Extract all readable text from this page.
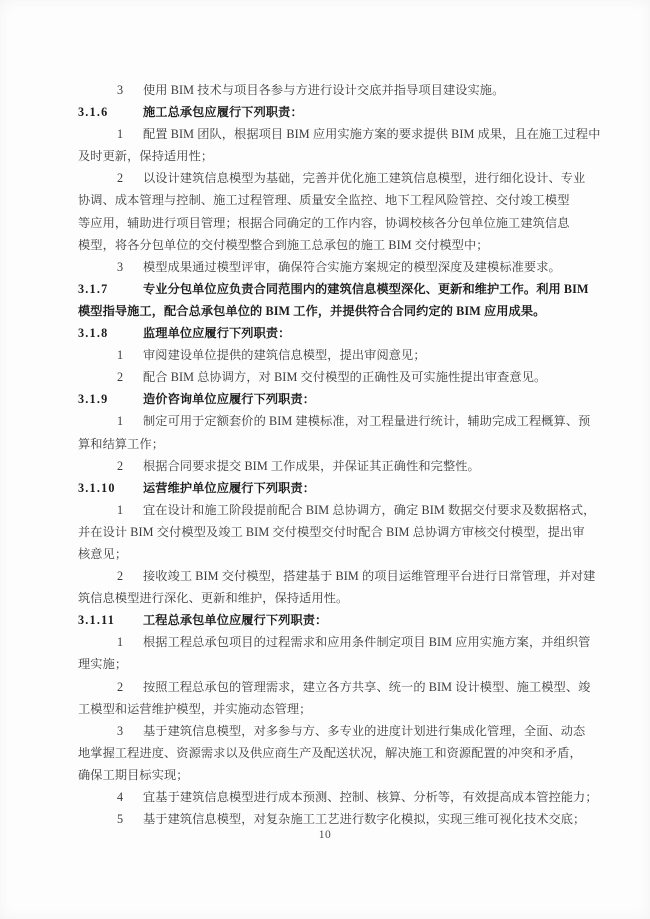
3 使用 BIM 技术与项目各参与方进行设计交底并指导项目建设实施。
3.1.6	施工总承包应履行下列职责：
1 配置 BIM 团队，根据项目 BIM 应用实施方案的要求提供 BIM 成果，且在施工过程中
及时更新，保持适用性；
2 以设计建筑信息模型为基础，完善并优化施工建筑信息模型，进行细化设计、专业
协调、成本管理与控制、施工过程管理、质量安全监控、地下工程风险管控、交付竣工模型
等应用，辅助进行项目管理；根据合同确定的工作内容，协调校核各分包单位施工建筑信息
模型，将各分包单位的交付模型整合到施工总承包的施工 BIM 交付模型中；
3 模型成果通过模型评审，确保符合实施方案规定的模型深度及建模标准要求。
3.1.7	专业分包单位应负责合同范围内的建筑信息模型深化、更新和维护工作。利用 BIM
模型指导施工，配合总承包单位的 BIM 工作，并提供符合合同约定的 BIM 应用成果。
3.1.8	监理单位应履行下列职责：
1 审阅建设单位提供的建筑信息模型，提出审阅意见；
2 配合 BIM 总协调方，对 BIM 交付模型的正确性及可实施性提出审查意见。
3.1.9	造价咨询单位应履行下列职责：
1 制定可用于定额套价的 BIM 建模标准，对工程量进行统计，辅助完成工程概算、预
算和结算工作；
2 根据合同要求提交 BIM 工作成果，并保证其正确性和完整性。
3.1.10 运营维护单位应履行下列职责：
1 宜在设计和施工阶段提前配合 BIM 总协调方，确定 BIM 数据交付要求及数据格式，
并在设计 BIM 交付模型及竣工 BIM 交付模型交付时配合 BIM 总协调方审核交付模型，提出审
核意见；
2 接收竣工 BIM 交付模型，搭建基于 BIM 的项目运维管理平台进行日常管理，并对建
筑信息模型进行深化、更新和维护，保持适用性。
3.1.11 工程总承包单位应履行下列职责：
1 根据工程总承包项目的过程需求和应用条件制定项目 BIM 应用实施方案，并组织管
理实施；
2 按照工程总承包的管理需求，建立各方共享、统一的 BIM 设计模型、施工模型、竣
工模型和运营维护模型，并实施动态管理；
3 基于建筑信息模型，对多参与方、多专业的进度计划进行集成化管理，全面、动态
地掌握工程进度、资源需求以及供应商生产及配送状况，解决施工和资源配置的冲突和矛盾，
确保工期目标实现；
4 宜基于建筑信息模型进行成本预测、控制、核算、分析等，有效提高成本管控能力；
5 基于建筑信息模型，对复杂施工工艺进行数字化模拟，实现三维可视化技术交底；
10
